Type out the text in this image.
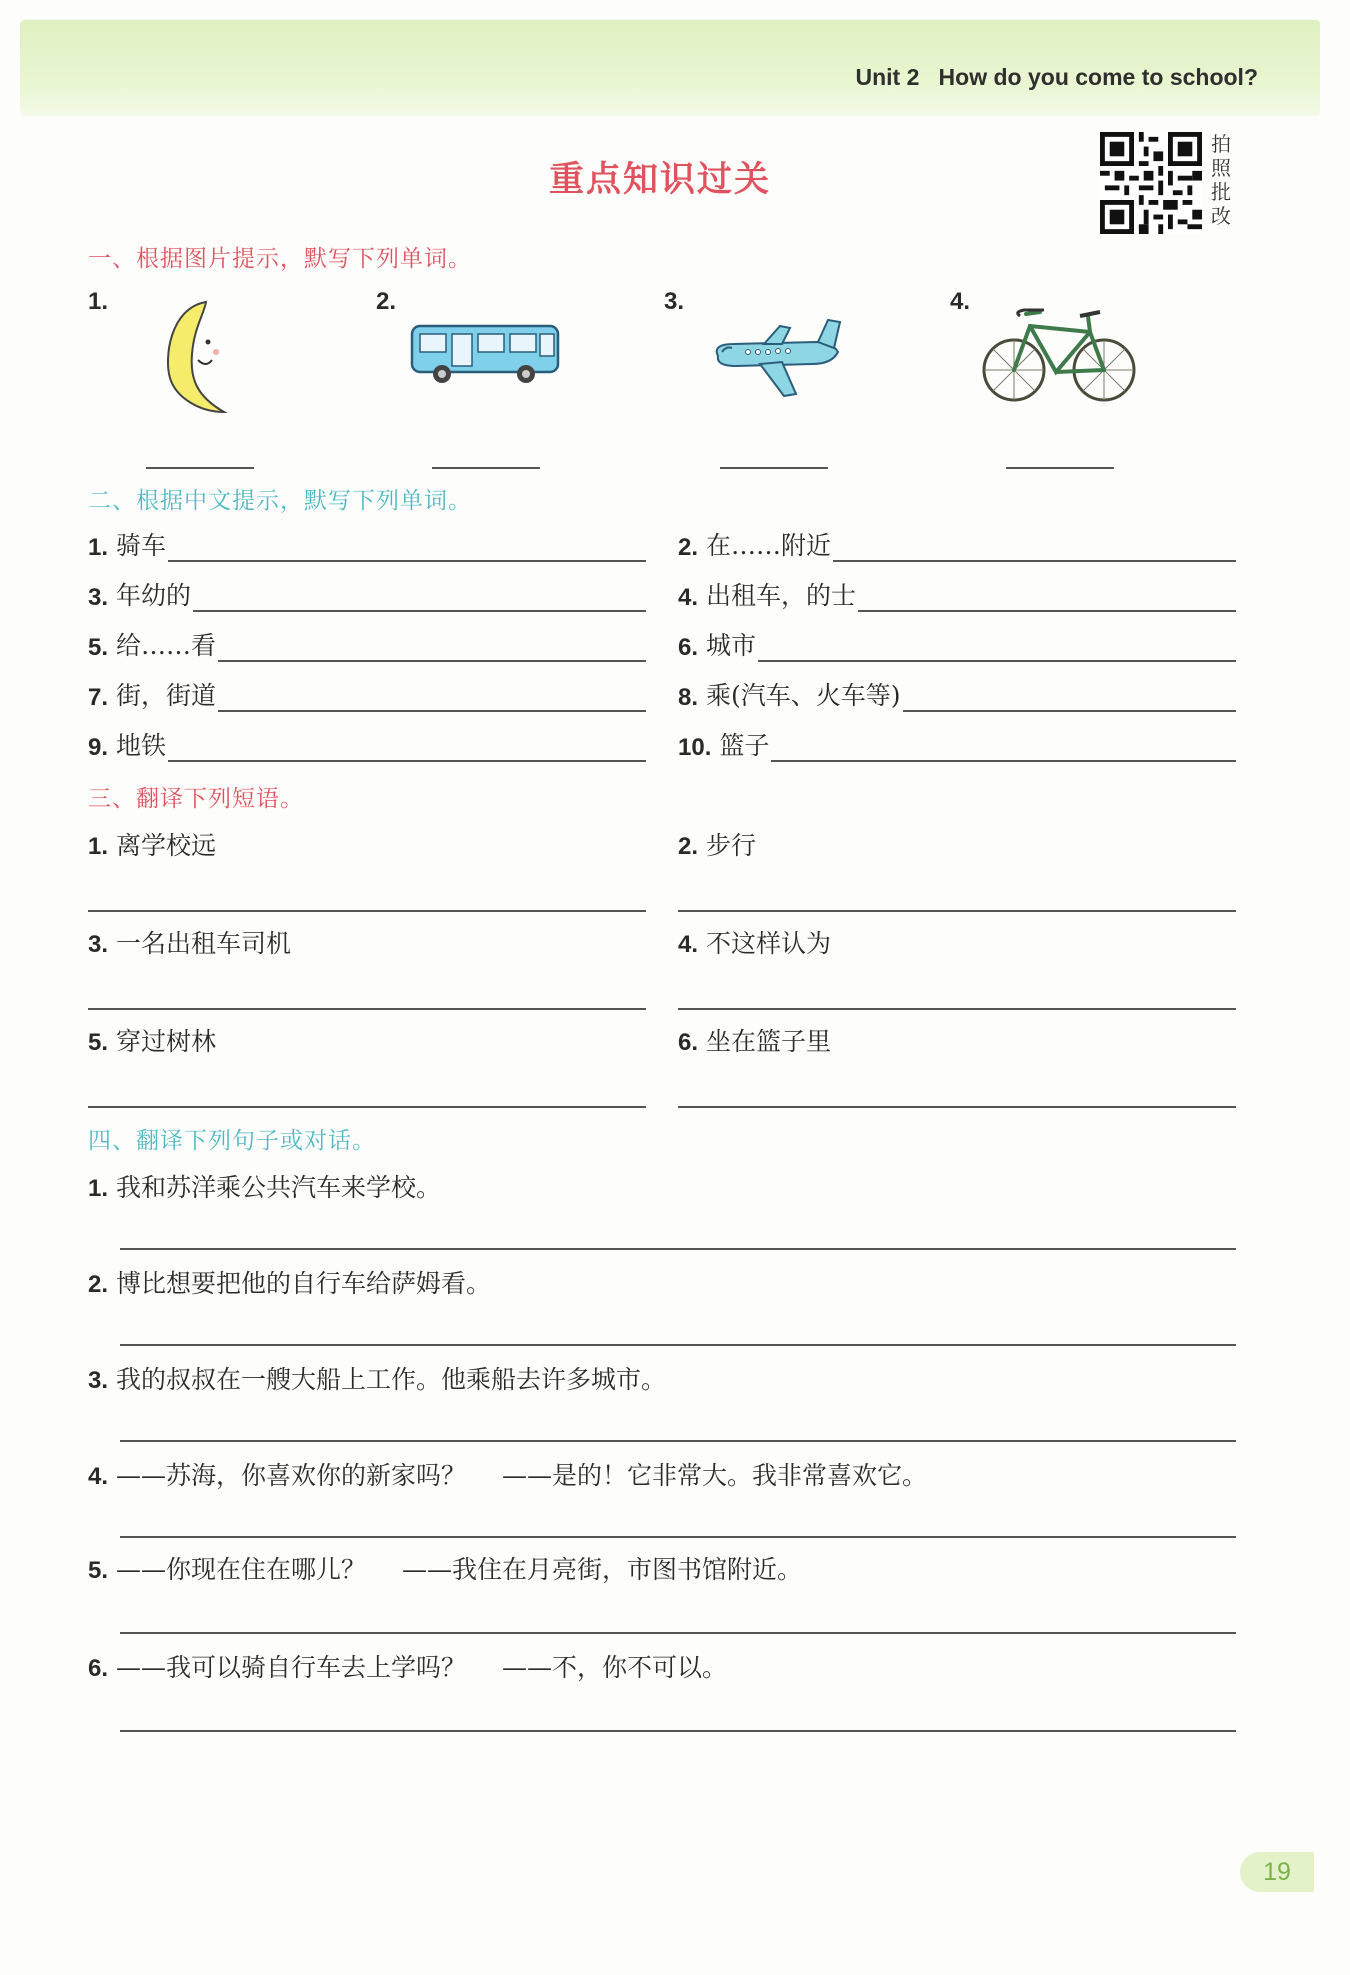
Unit 2   How do you come to school?
重点知识过关
拍
照
批
改
一、根据图片提示，默写下列单词。
1.	2.	3.	4.
二、根据中文提示，默写下列单词。
1. 骑车	2. 在……附近
3. 年幼的	4. 出租车，的士
5. 给……看	6. 城市
7. 街，街道	8. 乘(汽车、火车等)
9. 地铁	10. 篮子
三、翻译下列短语。
1. 离学校远	2. 步行
3. 一名出租车司机	4. 不这样认为
5. 穿过树林	6. 坐在篮子里
四、翻译下列句子或对话。
1. 我和苏洋乘公共汽车来学校。
2. 博比想要把他的自行车给萨姆看。
3. 我的叔叔在一艘大船上工作。他乘船去许多城市。
4. ——苏海，你喜欢你的新家吗？ ——是的！它非常大。我非常喜欢它。
5. ——你现在住在哪儿？ ——我住在月亮街，市图书馆附近。
6. ——我可以骑自行车去上学吗？ ——不，你不可以。
19
